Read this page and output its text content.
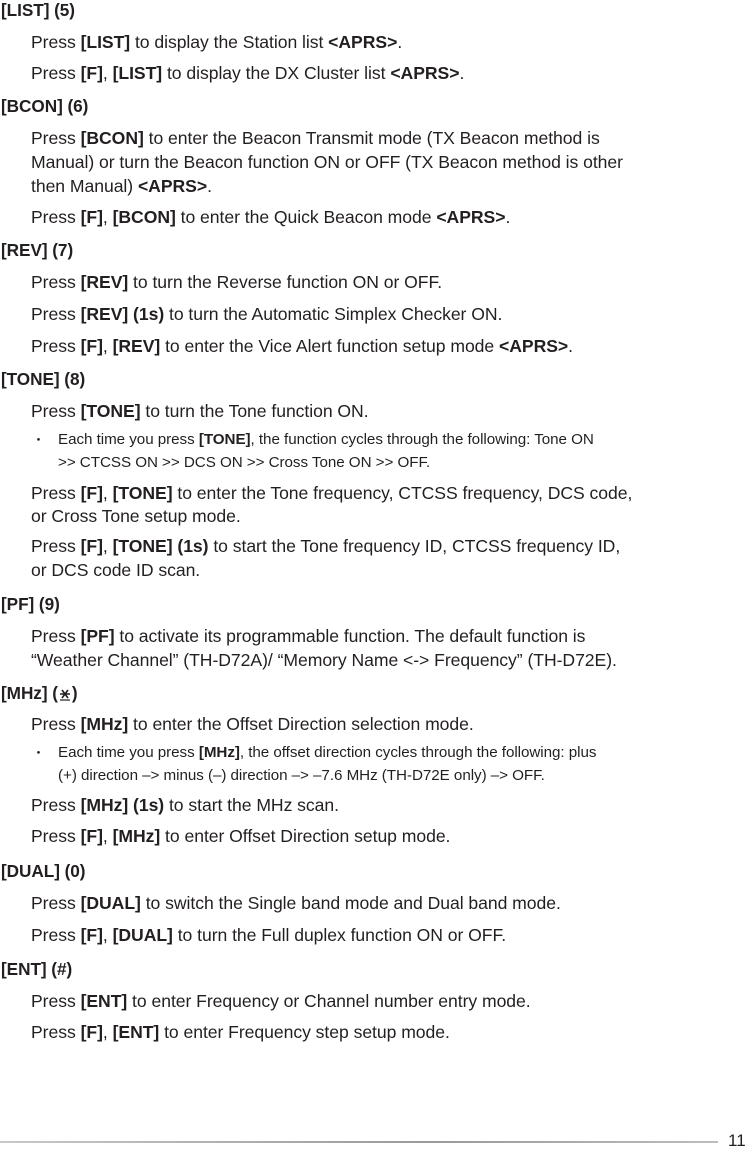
[LIST] (5)

Press [LIST] to display the Station list <APRS>.

Press [F], [LIST] to display the DX Cluster list <APRS>.

[BCON] (6)

Press [BCON] to enter the Beacon Transmit mode (TX Beacon method is

Manual) or turn the Beacon function ON or OFF (TX Beacon method is other

then Manual) <APRS>.

Press [F], [BCON] to enter the Quick Beacon mode <APRS>.

[REV] (7)

Press [REV] to turn the Reverse function ON or OFF.

Press [REV] (1s) to turn the Automatic Simplex Checker ON.

Press [F], [REV] to enter the Vice Alert function setup mode <APRS>.

[TONE] (8)

Press [TONE] to turn the Tone function ON.

・ Each time you press [TONE], the function cycles through the following: Tone ON

>> CTCSS ON >> DCS ON >> Cross Tone ON >> OFF.

Press [F], [TONE] to enter the Tone frequency, CTCSS frequency, DCS code,

or Cross Tone setup mode.

Press [F], [TONE] (1s) to start the Tone frequency ID, CTCSS frequency ID,

or DCS code ID scan.

[PF] (9)

Press [PF] to activate its programmable function. The default function is

“Weather Channel” (TH-D72A)/ “Memory Name <-> Frequency” (TH-D72E).

[MHz] ( )

Press [MHz] to enter the Offset Direction selection mode.

・ Each time you press [MHz], the offset direction cycles through the following: plus

(+) direction –> minus (–) direction –> –7.6 MHz (TH-D72E only) –> OFF.

Press [MHz] (1s) to start the MHz scan.

Press [F], [MHz] to enter Offset Direction setup mode.

[DUAL] (0)

Press [DUAL] to switch the Single band mode and Dual band mode.

Press [F], [DUAL] to turn the Full duplex function ON or OFF.

[ENT] (#)

Press [ENT] to enter Frequency or Channel number entry mode.

Press [F], [ENT] to enter Frequency step setup mode.

11
